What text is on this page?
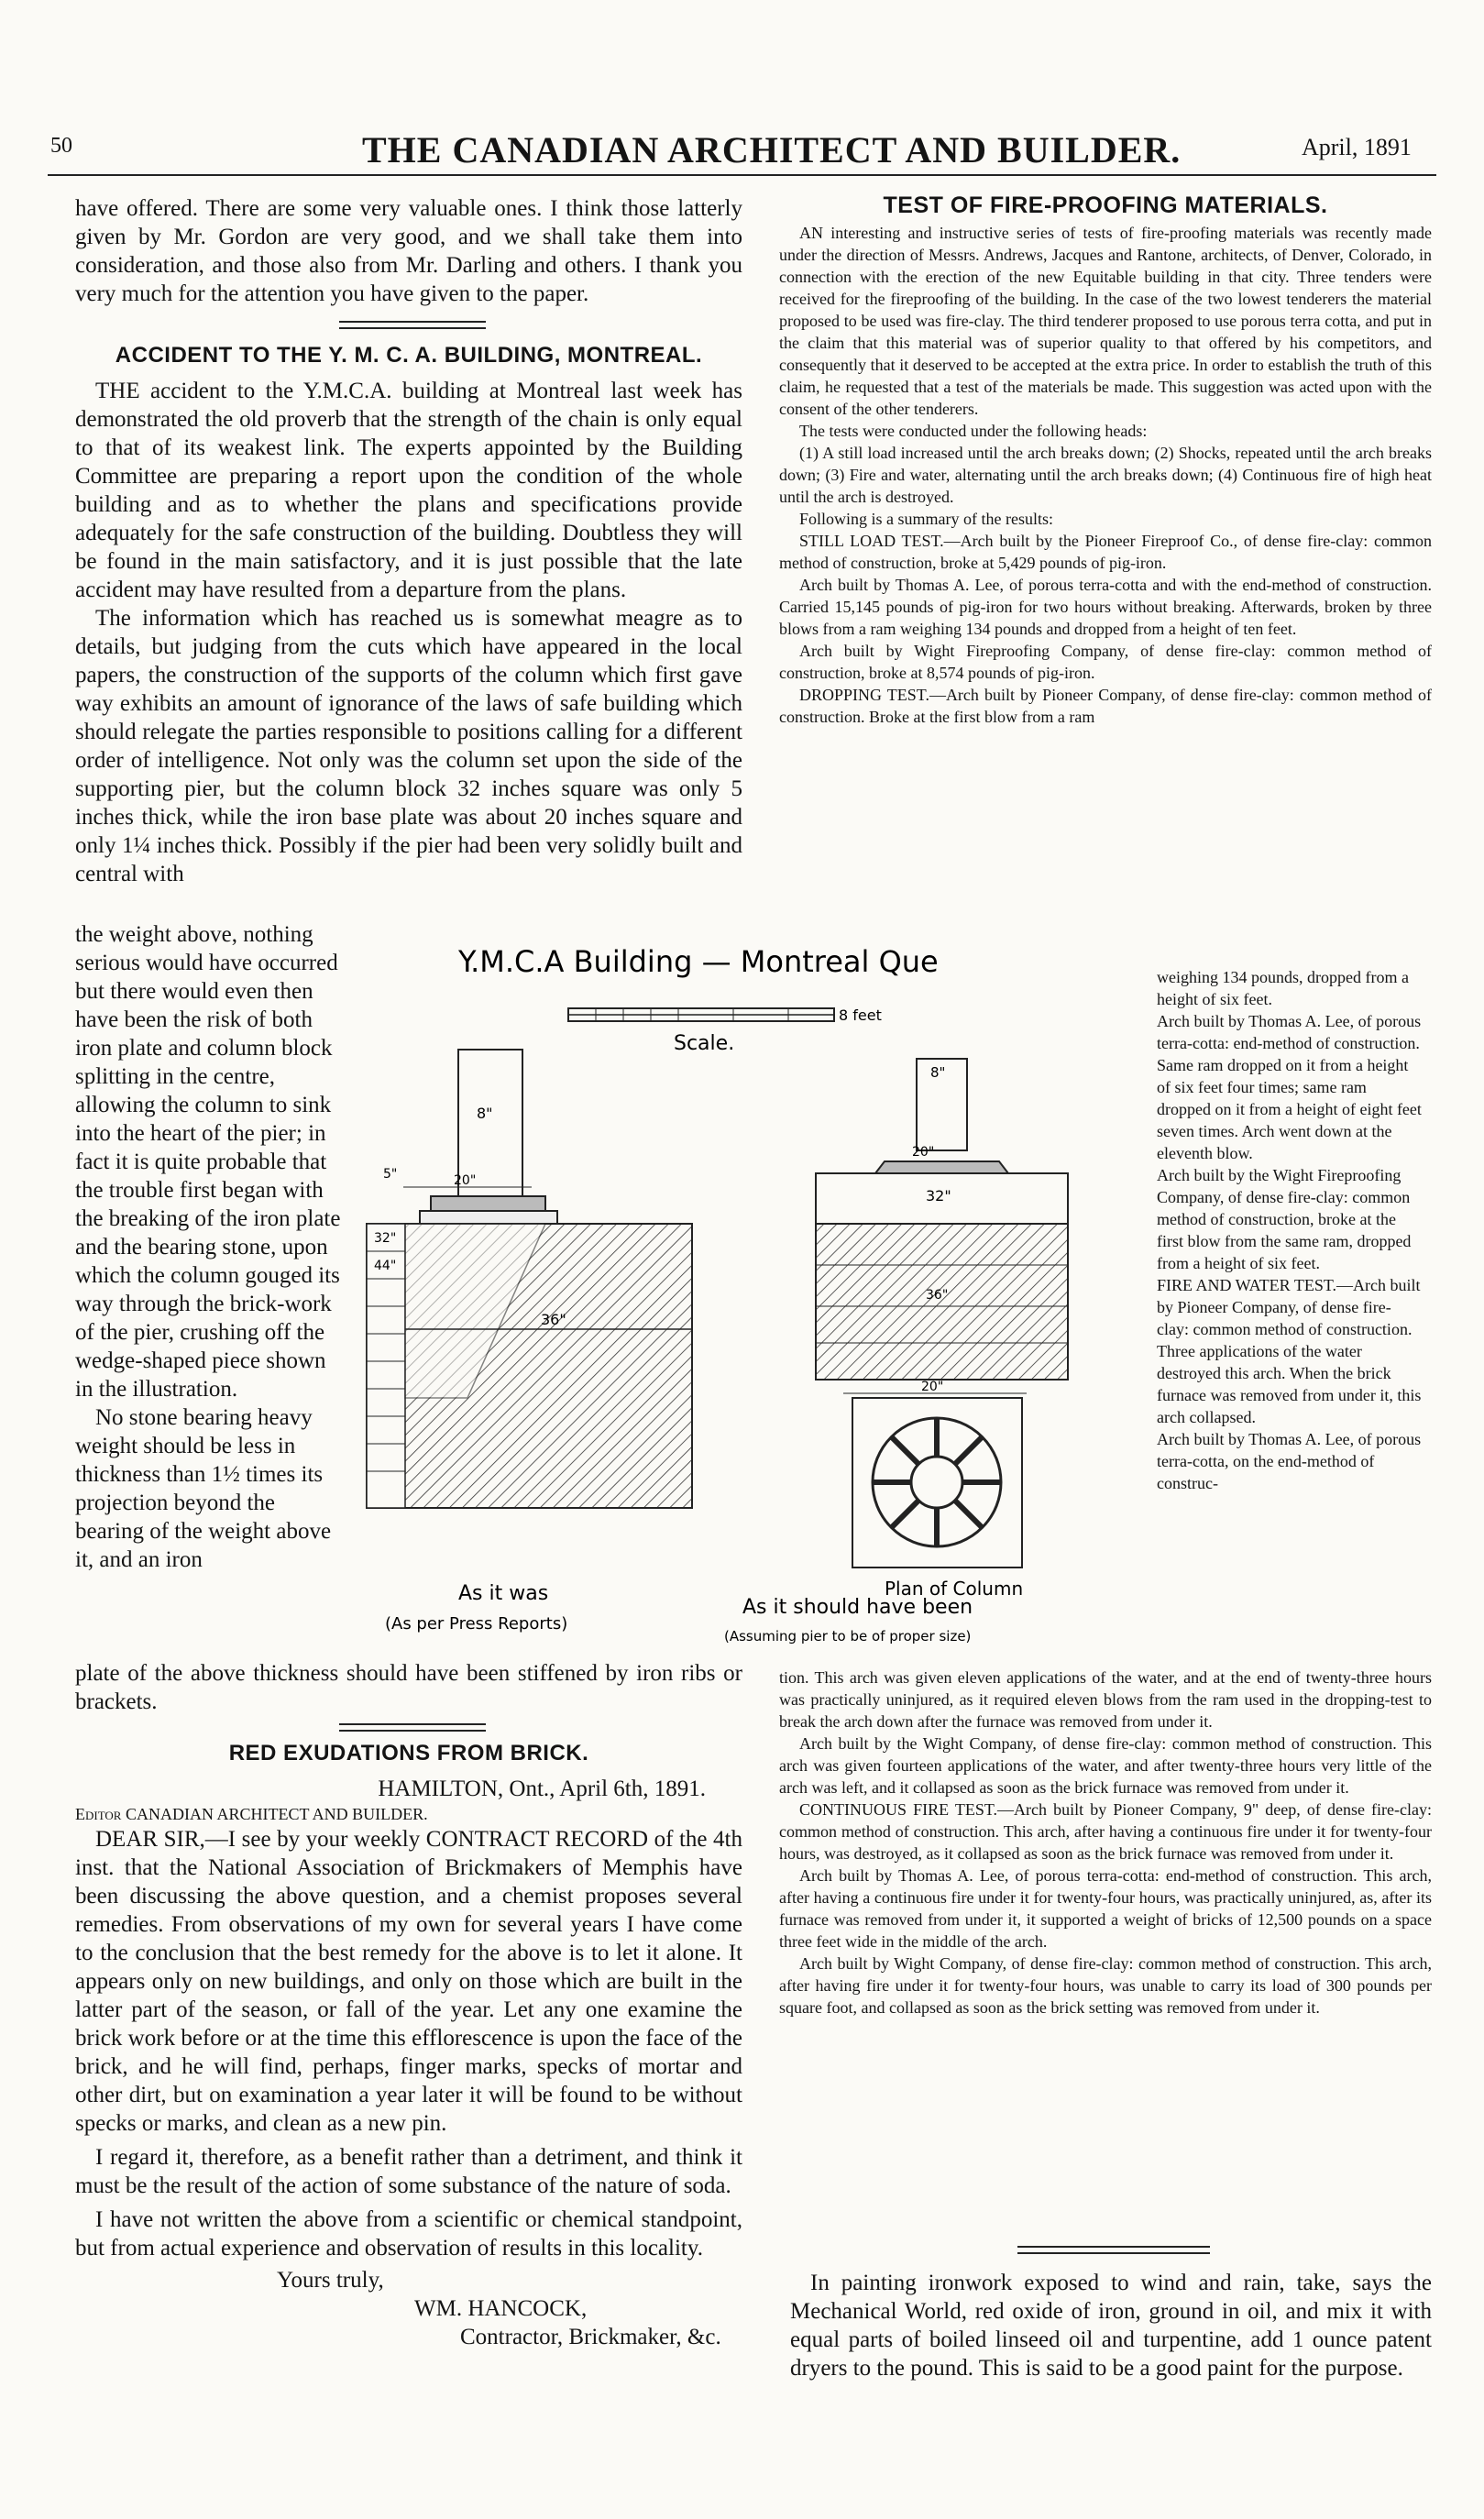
50	THE CANADIAN ARCHITECT AND BUILDER.	April, 1891

have offered. There are some very valuable ones. I think those latterly given by Mr. Gordon are very good, and we shall take them into consideration, and those also from Mr. Darling and others. I thank you very much for the attention you have given to the paper.

ACCIDENT TO THE Y. M. C. A. BUILDING, MONTREAL.

THE accident to the Y.M.C.A. building at Montreal last week has demonstrated the old proverb that the strength of the chain is only equal to that of its weakest link. The experts appointed by the Building Committee are preparing a report upon the condition of the whole building and as to whether the plans and specifications provide adequately for the safe construction of the building. Doubtless they will be found in the main satisfactory, and it is just possible that the late accident may have resulted from a departure from the plans.

The information which has reached us is somewhat meagre as to details, but judging from the cuts which have appeared in the local papers, the construction of the supports of the column which first gave way exhibits an amount of ignorance of the laws of safe building which should relegate the parties responsible to positions calling for a different order of intelligence. Not only was the column set upon the side of the supporting pier, but the column block 32 inches square was only 5 inches thick, while the iron base plate was about 20 inches square and only 1¼ inches thick. Possibly if the pier had been very solidly built and central with

the weight above, nothing serious would have occurred but there would even then have been the risk of both iron plate and column block splitting in the centre, allowing the column to sink into the heart of the pier; in fact it is quite probable that the trouble first began with the breaking of the iron plate and the bearing stone, upon which the column gouged its way through the brick-work of the pier, crushing off the wedge-shaped piece shown in the illustration.

No stone bearing heavy weight should be less in thickness than 1½ times its projection beyond the bearing of the weight above it, and an iron

plate of the above thickness should have been stiffened by iron ribs or brackets.

RED EXUDATIONS FROM BRICK.

HAMILTON, Ont., April 6th, 1891.

Editor CANADIAN ARCHITECT AND BUILDER.

DEAR SIR,—I see by your weekly CONTRACT RECORD of the 4th inst. that the National Association of Brickmakers of Memphis have been discussing the above question, and a chemist proposes several remedies. From observations of my own for several years I have come to the conclusion that the best remedy for the above is to let it alone. It appears only on new buildings, and only on those which are built in the latter part of the season, or fall of the year. Let any one examine the brick work before or at the time this efflorescence is upon the face of the brick, and he will find, perhaps, finger marks, specks of mortar and other dirt, but on examination a year later it will be found to be without specks or marks, and clean as a new pin.

I regard it, therefore, as a benefit rather than a detriment, and think it must be the result of the action of some substance of the nature of soda.

I have not written the above from a scientific or chemical standpoint, but from actual experience and observation of results in this locality.

Yours truly,

WM. HANCOCK,

Contractor, Brickmaker, &c.

TEST OF FIRE-PROOFING MATERIALS.

AN interesting and instructive series of tests of fire-proofing materials was recently made under the direction of Messrs. Andrews, Jacques and Rantone, architects, of Denver, Colorado, in connection with the erection of the new Equitable building in that city. Three tenders were received for the fireproofing of the building. In the case of the two lowest tenderers the material proposed to be used was fire-clay. The third tenderer proposed to use porous terra cotta, and put in the claim that this material was of superior quality to that offered by his competitors, and consequently that it deserved to be accepted at the extra price. In order to establish the truth of this claim, he requested that a test of the materials be made. This suggestion was acted upon with the consent of the other tenderers.

The tests were conducted under the following heads:

(1) A still load increased until the arch breaks down; (2) Shocks, repeated until the arch breaks down; (3) Fire and water, alternating until the arch breaks down; (4) Continuous fire of high heat until the arch is destroyed.

Following is a summary of the results:

STILL LOAD TEST.—Arch built by the Pioneer Fireproof Co., of dense fire-clay: common method of construction, broke at 5,429 pounds of pig-iron.

Arch built by Thomas A. Lee, of porous terra-cotta and with the end-method of construction. Carried 15,145 pounds of pig-iron for two hours without breaking. Afterwards, broken by three blows from a ram weighing 134 pounds and dropped from a height of ten feet.

Arch built by Wight Fireproofing Company, of dense fire-clay: common method of construction, broke at 8,574 pounds of pig-iron.

DROPPING TEST.—Arch built by Pioneer Company, of dense fire-clay: common method of construction. Broke at the first blow from a ram

weighing 134 pounds, dropped from a height of six feet.
Arch built by Thomas A. Lee, of porous terra-cotta: end-method of construction. Same ram dropped on it from a height of six feet four times; same ram dropped on it from a height of eight feet seven times. Arch went down at the eleventh blow.
Arch built by the Wight Fireproofing Company, of dense fire-clay: common method of construction, broke at the first blow from the same ram, dropped from a height of six feet.
FIRE AND WATER TEST.—Arch built by Pioneer Company, of dense fire-clay: common method of construction. Three applications of the water destroyed this arch. When the brick furnace was removed from under it, this arch collapsed.
Arch built by Thomas A. Lee, of porous terra-cotta, on the end-method of construc-

tion. This arch was given eleven applications of the water, and at the end of twenty-three hours was practically uninjured, as it required eleven blows from the ram used in the dropping-test to break the arch down after the furnace was removed from under it.

Arch built by the Wight Company, of dense fire-clay: common method of construction. This arch was given fourteen applications of the water, and after twenty-three hours very little of the arch was left, and it collapsed as soon as the brick furnace was removed from under it.

CONTINUOUS FIRE TEST.—Arch built by Pioneer Company, 9" deep, of dense fire-clay: common method of construction. This arch, after having a continuous fire under it for twenty-four hours, was destroyed, as it collapsed as soon as the brick furnace was removed from under it.

Arch built by Thomas A. Lee, of porous terra-cotta: end-method of construction. This arch, after having a continuous fire under it for twenty-four hours, was practically uninjured, as, after its furnace was removed from under it, it supported a weight of bricks of 12,500 pounds on a space three feet wide in the middle of the arch.

Arch built by Wight Company, of dense fire-clay: common method of construction. This arch, after having fire under it for twenty-four hours, was unable to carry its load of 300 pounds per square foot, and collapsed as soon as the brick setting was removed from under it.

In painting ironwork exposed to wind and rain, take, says the Mechanical World, red oxide of iron, ground in oil, and mix it with equal parts of boiled linseed oil and turpentine, add 1 ounce patent dryers to the pound. This is said to be a good paint for the purpose.

Y.M.C.A Building — Montreal Que
8 feet
Scale.
8"
20"
5"
36"
32"
44"
8"
20"
32"
36"
20"
Plan of Column
As it was
(As per Press Reports)
As it should have been
(Assuming pier to be of proper size)
